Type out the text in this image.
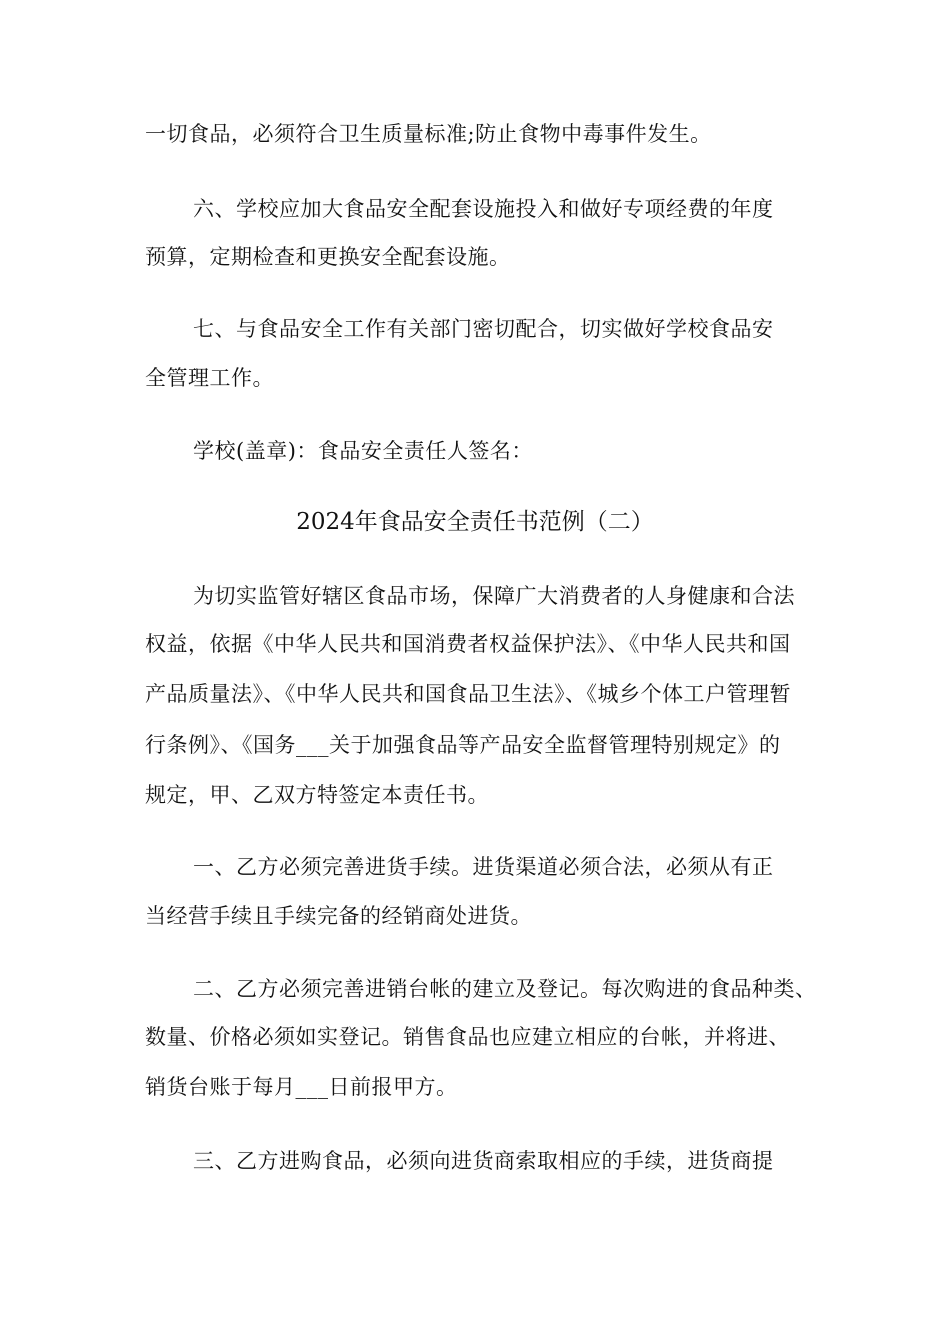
一切食品，必须符合卫生质量标准;防止食物中毒事件发生。
六、学校应加大食品安全配套设施投入和做好专项经费的年度
预算，定期检查和更换安全配套设施。
七、与食品安全工作有关部门密切配合，切实做好学校食品安
全管理工作。
学校(盖章)：食品安全责任人签名：
2024年食品安全责任书范例（二）
为切实监管好辖区食品市场，保障广大消费者的人身健康和合法
权益，依据《中华人民共和国消费者权益保护法》、《中华人民共和国
产品质量法》、《中华人民共和国食品卫生法》、《城乡个体工户管理暂
行条例》、《国务___关于加强食品等产品安全监督管理特别规定》的
规定，甲、乙双方特签定本责任书。
一、乙方必须完善进货手续。进货渠道必须合法，必须从有正
当经营手续且手续完备的经销商处进货。
二、乙方必须完善进销台帐的建立及登记。每次购进的食品种类、
数量、价格必须如实登记。销售食品也应建立相应的台帐，并将进、
销货台账于每月___日前报甲方。
三、乙方进购食品，必须向进货商索取相应的手续，进货商提
